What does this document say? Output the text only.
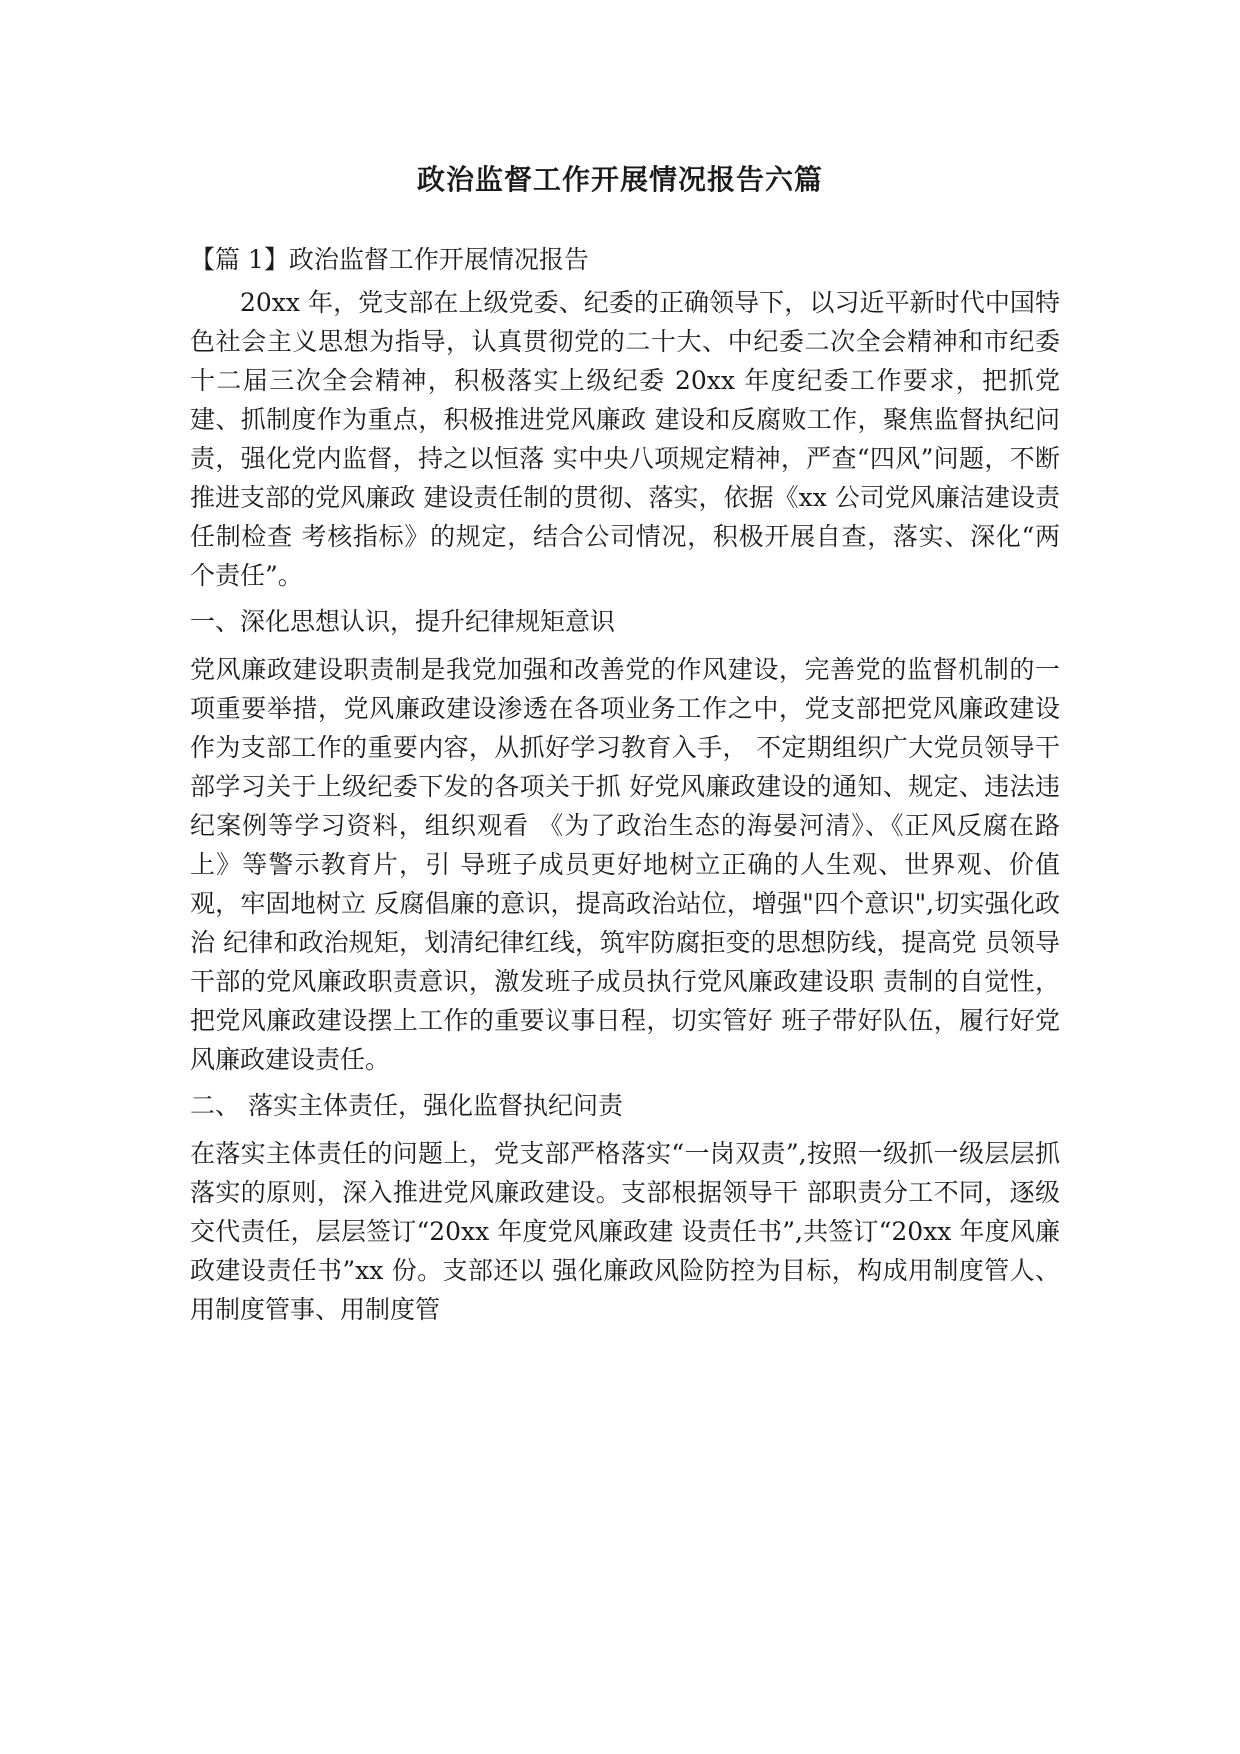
政治监督工作开展情况报告六篇

【篇 1】政治监督工作开展情况报告

20xx 年，党支部在上级党委、纪委的正确领导下，以习近平新时代中国特色社会主义思想为指导，认真贯彻党的二十大、中纪委二次全会精神和市纪委十二届三次全会精神，积极落实上级纪委 20xx 年度纪委工作要求，把抓党建、抓制度作为重点，积极推进党风廉政 建设和反腐败工作，聚焦监督执纪问责，强化党内监督，持之以恒落 实中央八项规定精神，严查“四风”问题，不断推进支部的党风廉政 建设责任制的贯彻、落实，依据《xx 公司党风廉洁建设责任制检查 考核指标》的规定，结合公司情况，积极开展自查，落实、深化“两 个责任”。

一、深化思想认识，提升纪律规矩意识

党风廉政建设职责制是我党加强和改善党的作风建设，完善党的监督机制的一项重要举措，党风廉政建设渗透在各项业务工作之中，党支部把党风廉政建设作为支部工作的重要内容，从抓好学习教育入手， 不定期组织广大党员领导干部学习关于上级纪委下发的各项关于抓 好党风廉政建设的通知、规定、违法违纪案例等学习资料，组织观看 《为了政治生态的海晏河清》、《正风反腐在路上》等警示教育片，引 导班子成员更好地树立正确的人生观、世界观、价值观，牢固地树立 反腐倡廉的意识，提高政治站位，增强"四个意识",切实强化政治 纪律和政治规矩，划清纪律红线，筑牢防腐拒变的思想防线，提高党 员领导干部的党风廉政职责意识，激发班子成员执行党风廉政建设职 责制的自觉性，把党风廉政建设摆上工作的重要议事日程，切实管好 班子带好队伍，履行好党风廉政建设责任。

二、 落实主体责任，强化监督执纪问责

在落实主体责任的问题上，党支部严格落实“一岗双责”,按照一级抓一级层层抓落实的原则，深入推进党风廉政建设。支部根据领导干 部职责分工不同，逐级交代责任，层层签订“20xx 年度党风廉政建 设责任书”,共签订“20xx 年度风廉政建设责任书”xx 份。支部还以 强化廉政风险防控为目标，构成用制度管人、用制度管事、用制度管
